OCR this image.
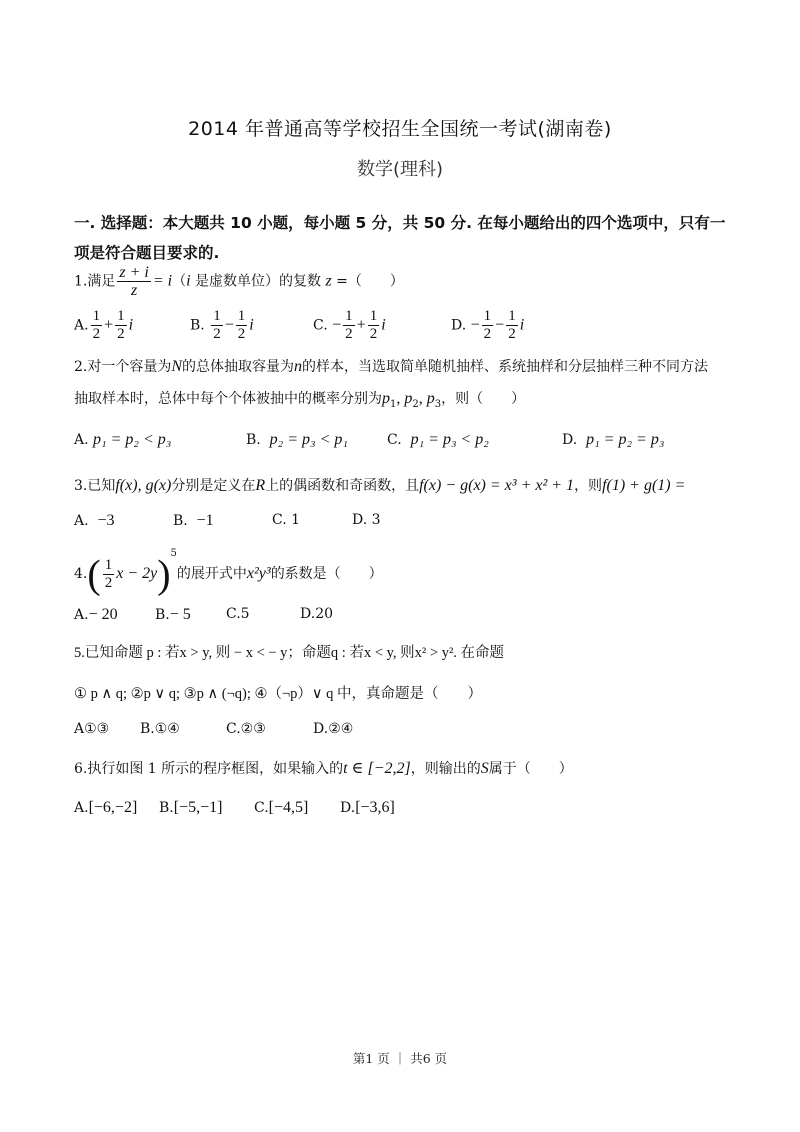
2014 年普通高等学校招生全国统一考试(湖南卷)
数学(理科)
一. 选择题：本大题共 10 小题，每小题 5 分，共 50 分. 在每小题给出的四个选项中，只有一项是符合题目要求的.
1.满足 $\frac{z + i}{z} = i(i$ 是虚数单位）的复数 z =（　　）
A. $\frac{1}{2} + \frac{1}{2}$ i	B. $\frac{1}{2} - \frac{1}{2}$ i	C. − $\frac{1}{2} + \frac{1}{2}$ i	D. − $\frac{1}{2} - \frac{1}{2}$ i
2.对一个容量为N的总体抽取容量为n的样本，当选取简单随机抽样、系统抽样和分层抽样三种不同方法
抽取样本时，总体中每个个体被抽中的概率分别为$p_1$, $p_2$, $p_3$，则（　　）
A. p₁ = p₂ < p₃	B. p₂ = p₃ < p₁	C. p₁ = p₃ < p₂	D. p₁ = p₂ = p₃
3.已知f(x), g(x)分别是定义在R上的偶函数和奇函数，且f(x) − g(x) = x³ + x² + 1，则f(1) + g(1) =
A. −3	B. −1	C. 1	D. 3
$4.( \frac{1}{2}$ $x - 2y)^5$的展开式中x²y³的系数是（　　）
A.− 20	B.− 5	C.5	D.20
5.已知命题 p : 若x > y, 则 − x < − y；命题q : 若x < y, 则x² > y². 在命题
① p ∧ q; ②p ∨ q; ③p ∧ (¬q); ④（¬p）∨ q 中，真命题是（　　）
A①③ B.①④	C.②③	D.②④
6.执行如图 1 所示的程序框图，如果输入的t ∈ [−2,2]，则输出的S属于（　　）
A.[−6,−2] B.[−5,−1] C.[−4,5] D.[−3,6]
第1 页 ｜ 共6 页
